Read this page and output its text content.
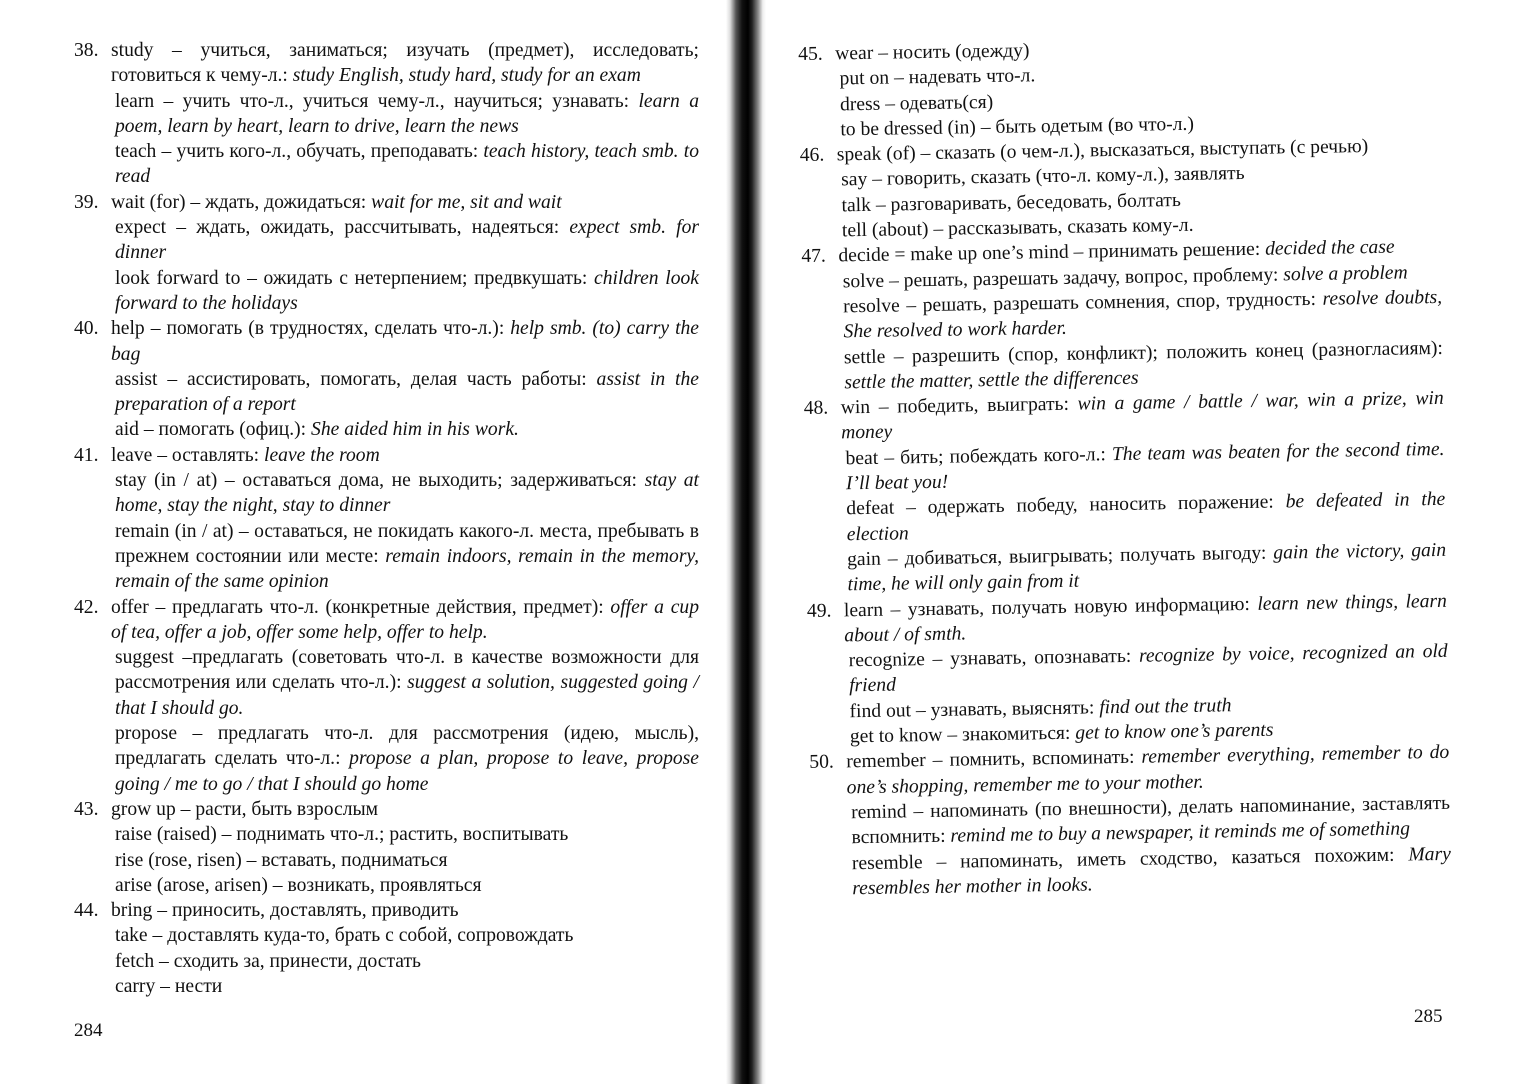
38. study – учиться, заниматься; изучать (предмет), исследовать; готовиться к чему-л.: study English, study hard, study for an exam
learn – учить что-л., учиться чему-л., научиться; узнавать: learn a poem, learn by heart, learn to drive, learn the news
teach – учить кого-л., обучать, преподавать: teach history, teach smb. to read
39. wait (for) – ждать, дожидаться: wait for me, sit and wait
expect – ждать, ожидать, рассчитывать, надеяться: expect smb. for dinner
look forward to – ожидать с нетерпением; предвкушать: children look forward to the holidays
40. help – помогать (в трудностях, сделать что-л.): help smb. (to) carry the bag
assist – ассистировать, помогать, делая часть работы: assist in the preparation of a report
aid – помогать (офиц.): She aided him in his work.
41. leave – оставлять: leave the room
stay (in / at) – оставаться дома, не выходить; задерживаться: stay at home, stay the night, stay to dinner
remain (in / at) – оставаться, не покидать какого-л. места, пребывать в прежнем состоянии или месте: remain indoors, remain in the memory, remain of the same opinion
42. offer – предлагать что-л. (конкретные действия, предмет): offer a cup of tea, offer a job, offer some help, offer to help.
suggest –предлагать (советовать что-л. в качестве возможности для рассмотрения или сделать что-л.): suggest a solution, suggested going / that I should go.
propose – предлагать что-л. для рассмотрения (идею, мысль), предлагать сделать что-л.: propose a plan, propose to leave, propose going / me to go / that I should go home
43. grow up – расти, быть взрослым
raise (raised) – поднимать что-л.; растить, воспитывать
rise (rose, risen) – вставать, подниматься
arise (arose, arisen) – возникать, проявляться
44. bring – приносить, доставлять, приводить
take – доставлять куда-то, брать с собой, сопровождать
fetch – сходить за, принести, достать
carry – нести
284
45. wear – носить (одежду)
put on – надевать что-л.
dress – одевать(ся)
to be dressed (in) – быть одетым (во что-л.)
46. speak (of) – сказать (о чем-л.), высказаться, выступать (с речью)
say – говорить, сказать (что-л. кому-л.), заявлять
talk – разговаривать, беседовать, болтать
tell (about) – рассказывать, сказать кому-л.
47. decide = make up one’s mind – принимать решение: decided the case
solve – решать, разрешать задачу, вопрос, проблему: solve a problem
resolve – решать, разрешать сомнения, спор, трудность: resolve doubts, She resolved to work harder.
settle – разрешить (спор, конфликт); положить конец (разногласиям): settle the matter, settle the differences
48. win – победить, выиграть: win a game / battle / war, win a prize, win money
beat – бить; побеждать кого-л.: The team was beaten for the second time. I’ll beat you!
defeat – одержать победу, наносить поражение: be defeated in the election
gain – добиваться, выигрывать; получать выгоду: gain the victory, gain time, he will only gain from it
49. learn – узнавать, получать новую информацию: learn new things, learn about / of smth.
recognize – узнавать, опознавать: recognize by voice, recognized an old friend
find out – узнавать, выяснять: find out the truth
get to know – знакомиться: get to know one’s parents
50. remember – помнить, вспоминать: remember everything, remember to do one’s shopping, remember me to your mother.
remind – напоминать (по внешности), делать напоминание, заставлять вспомнить: remind me to buy a newspaper, it reminds me of something
resemble – напоминать, иметь сходство, казаться похожим: Mary resembles her mother in looks.
285
